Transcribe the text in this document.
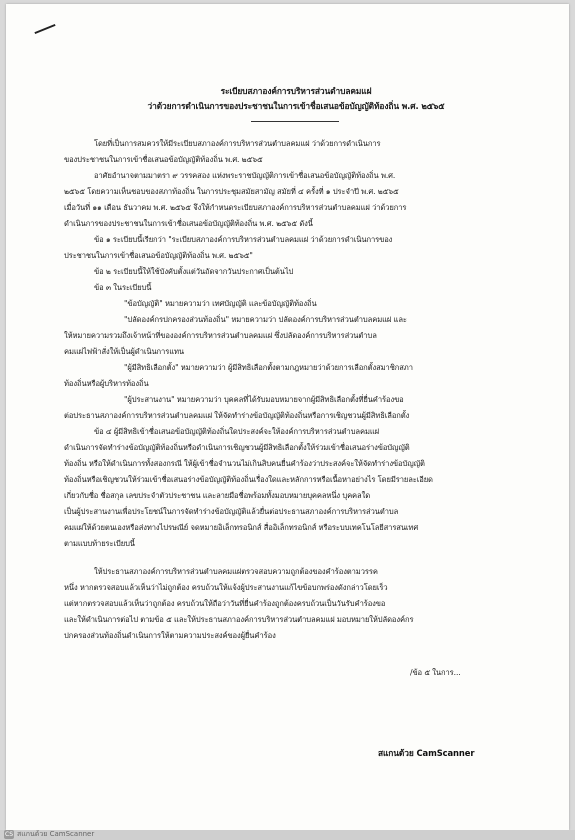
ระเบียบสภาองค์การบริหารส่วนตำบลคมแฝ
ว่าด้วยการดำเนินการของประชาชนในการเข้าชื่อเสนอข้อบัญญัติท้องถิ่น พ.ศ. ๒๕๖๕
โดยที่เป็นการสมควรให้มีระเบียบสภาองค์การบริหารส่วนตำบลคมแฝ ว่าด้วยการดำเนินการ
ของประชาชนในการเข้าชื่อเสนอข้อบัญญัติท้องถิ่น พ.ศ. ๒๕๖๕
อาศัยอำนาจตามมาตรา ๙ วรรคสอง แห่งพระราชบัญญัติการเข้าชื่อเสนอข้อบัญญัติท้องถิ่น พ.ศ.
๒๕๖๕ โดยความเห็นชอบของสภาท้องถิ่น ในการประชุมสมัยสามัญ สมัยที่ ๔ ครั้งที่ ๑ ประจำปี พ.ศ. ๒๕๖๕
เมื่อวันที่ ๑๑ เดือน ธันวาคม พ.ศ. ๒๕๖๕ จึงให้กำหนดระเบียบสภาองค์การบริหารส่วนตำบลคมแฝ ว่าด้วยการ
ดำเนินการของประชาชนในการเข้าชื่อเสนอข้อบัญญัติท้องถิ่น พ.ศ. ๒๕๖๕ ดังนี้
ข้อ ๑ ระเบียบนี้เรียกว่า "ระเบียบสภาองค์การบริหารส่วนตำบลคมแฝ ว่าด้วยการดำเนินการของ
ประชาชนในการเข้าชื่อเสนอข้อบัญญัติท้องถิ่น พ.ศ. ๒๕๖๕"
ข้อ ๒ ระเบียบนี้ให้ใช้บังคับตั้งแต่วันถัดจากวันประกาศเป็นต้นไป
ข้อ ๓ ในระเบียบนี้
"ข้อบัญญัติ" หมายความว่า เทศบัญญัติ และข้อบัญญัติท้องถิ่น
"ปลัดองค์กรปกครองส่วนท้องถิ่น" หมายความว่า ปลัดองค์การบริหารส่วนตำบลคมแฝ และ
ให้หมายความรวมถึงเจ้าหน้าที่ขององค์การบริหารส่วนตำบลคมแฝ ซึ่งปลัดองค์การบริหารส่วนตำบล
คมแฝไฟฟ้าสั่งให้เป็นผู้ดำเนินการแทน
"ผู้มีสิทธิเลือกตั้ง" หมายความว่า ผู้มีสิทธิเลือกตั้งตามกฎหมายว่าด้วยการเลือกตั้งสมาชิกสภา
ท้องถิ่นหรือผู้บริหารท้องถิ่น
"ผู้ประสานงาน" หมายความว่า บุคคลที่ได้รับมอบหมายจากผู้มีสิทธิเลือกตั้งที่ยื่นคำร้องขอ
ต่อประธานสภาองค์การบริหารส่วนตำบลคมแฝ ให้จัดทำร่างข้อบัญญัติท้องถิ่นหรือการเชิญชวนผู้มีสิทธิเลือกตั้ง
ข้อ ๔ ผู้มีสิทธิเข้าชื่อเสนอข้อบัญญัติท้องถิ่นใดประสงค์จะให้องค์การบริหารส่วนตำบลคมแฝ
ดำเนินการจัดทำร่างข้อบัญญัติท้องถิ่นหรือดำเนินการเชิญชวนผู้มีสิทธิเลือกตั้งให้ร่วมเข้าชื่อเสนอร่างข้อบัญญัติ
ท้องถิ่น หรือให้ดำเนินการทั้งสองกรณี ให้ผู้เข้าชื่อจำนวนไม่เกินสิบคนยื่นคำร้องว่าประสงค์จะให้จัดทำร่างข้อบัญญัติ
ท้องถิ่นหรือเชิญชวนให้ร่วมเข้าชื่อเสนอร่างข้อบัญญัติท้องถิ่นเรื่องใดและหลักการหรือเนื้อหาอย่างไร โดยมีรายละเอียด
เกี่ยวกับชื่อ ชื่อสกุล เลขประจำตัวประชาชน และลายมือชื่อพร้อมทั้งมอบหมายบุคคลหนึ่ง บุคคลใด
เป็นผู้ประสานงานเพื่อประโยชน์ในการจัดทำร่างข้อบัญญัติแล้วยื่นต่อประธานสภาองค์การบริหารส่วนตำบล
คมแฝให้ด้วยตนเองหรือส่งทางไปรษณีย์ จดหมายอิเล็กทรอนิกส์ สื่ออิเล็กทรอนิกส์ หรือระบบเทคโนโลยีสารสนเทศ
ตามแบบท้ายระเบียบนี้
ให้ประธานสภาองค์การบริหารส่วนตำบลคมแฝตรวจสอบความถูกต้องของคำร้องตามวรรค
หนึ่ง หากตรวจสอบแล้วเห็นว่าไม่ถูกต้อง ครบถ้วนให้แจ้งผู้ประสานงานแก้ไขข้อบกพร่องดังกล่าวโดยเร็ว
แต่หากตรวจสอบแล้วเห็นว่าถูกต้อง ครบถ้วนให้ถือว่าวันที่ยื่นคำร้องถูกต้องครบถ้วนเป็นวันรับคำร้องขอ
และให้ดำเนินการต่อไป ตามข้อ ๕ และให้ประธานสภาองค์การบริหารส่วนตำบลคมแฝ มอบหมายให้ปลัดองค์กร
ปกครองส่วนท้องถิ่นดำเนินการให้ตามความประสงค์ของผู้ยื่นคำร้อง
/ข้อ ๕ ในการ...
สแกนด้วย CamScanner
CS สแกนด้วย CamScanner
